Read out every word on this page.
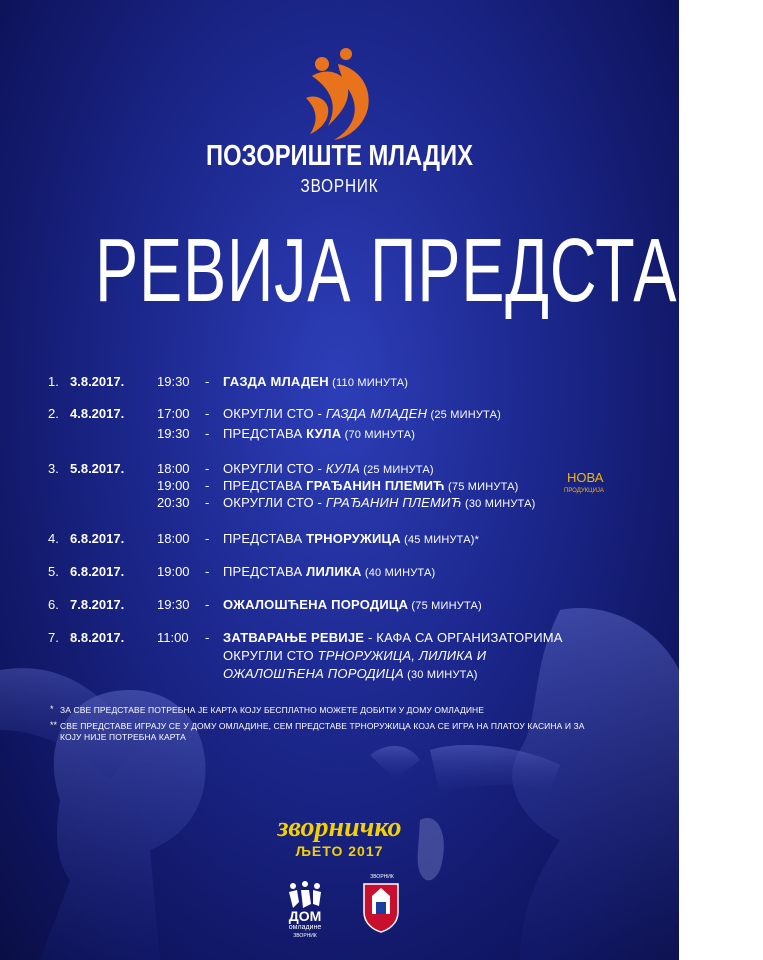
ПОЗОРИШТЕ МЛАДИХ
ЗВОРНИК
РЕВИЈА ПРЕДСТАВА
1. 3.8.2017.	19:30 - ГАЗДА МЛАДЕН (110 МИНУТА)
2. 4.8.2017.	17:00 - ОКРУГЛИ СТО - ГАЗДА МЛАДЕН (25 МИНУТА)
19:30 - ПРЕДСТАВА КУЛА (70 МИНУТА)
3. 5.8.2017.	18:00 - ОКРУГЛИ СТО - КУЛА (25 МИНУТА)
19:00 - ПРЕДСТАВА ГРАЂАНИН ПЛЕМИЋ (75 МИНУТА)
20:30 - ОКРУГЛИ СТО - ГРАЂАНИН ПЛЕМИЋ (30 МИНУТА)
4. 6.8.2017.	18:00 - ПРЕДСТАВА ТРНОРУЖИЦА (45 МИНУТА)*
5. 6.8.2017.	19:00 - ПРЕДСТАВА ЛИЛИКА (40 МИНУТА)
6. 7.8.2017.	19:30 - ОЖАЛОШЋЕНА ПОРОДИЦА (75 МИНУТА)
7. 8.8.2017.	11:00 - ЗАТВАРАЊЕ РЕВИЈЕ - КАФА СА ОРГАНИЗАТОРИМА
ОКРУГЛИ СТО ТРНОРУЖИЦА, ЛИЛИКА И
ОЖАЛОШЋЕНА ПОРОДИЦА (30 МИНУТА)
НОВА
ПРОДУКЦИЈА
* ЗА СВЕ ПРЕДСТАВЕ ПОТРЕБНА ЈЕ КАРТА КОЈУ БЕСПЛАТНО МОЖЕТЕ ДОБИТИ У ДОМУ ОМЛАДИНЕ
** СВЕ ПРЕДСТАВЕ ИГРАЈУ СЕ У ДОМУ ОМЛАДИНЕ, СЕМ ПРЕДСТАВЕ ТРНОРУЖИЦА КОЈА СЕ ИГРА НА ПЛАТОУ КАСИНА И ЗА
КОЈУ НИЈЕ ПОТРЕБНА КАРТА
зворничко
ЉЕТО 2017
ДОМ
омладине
ЗВОРНИК
ЗВОРНИК
